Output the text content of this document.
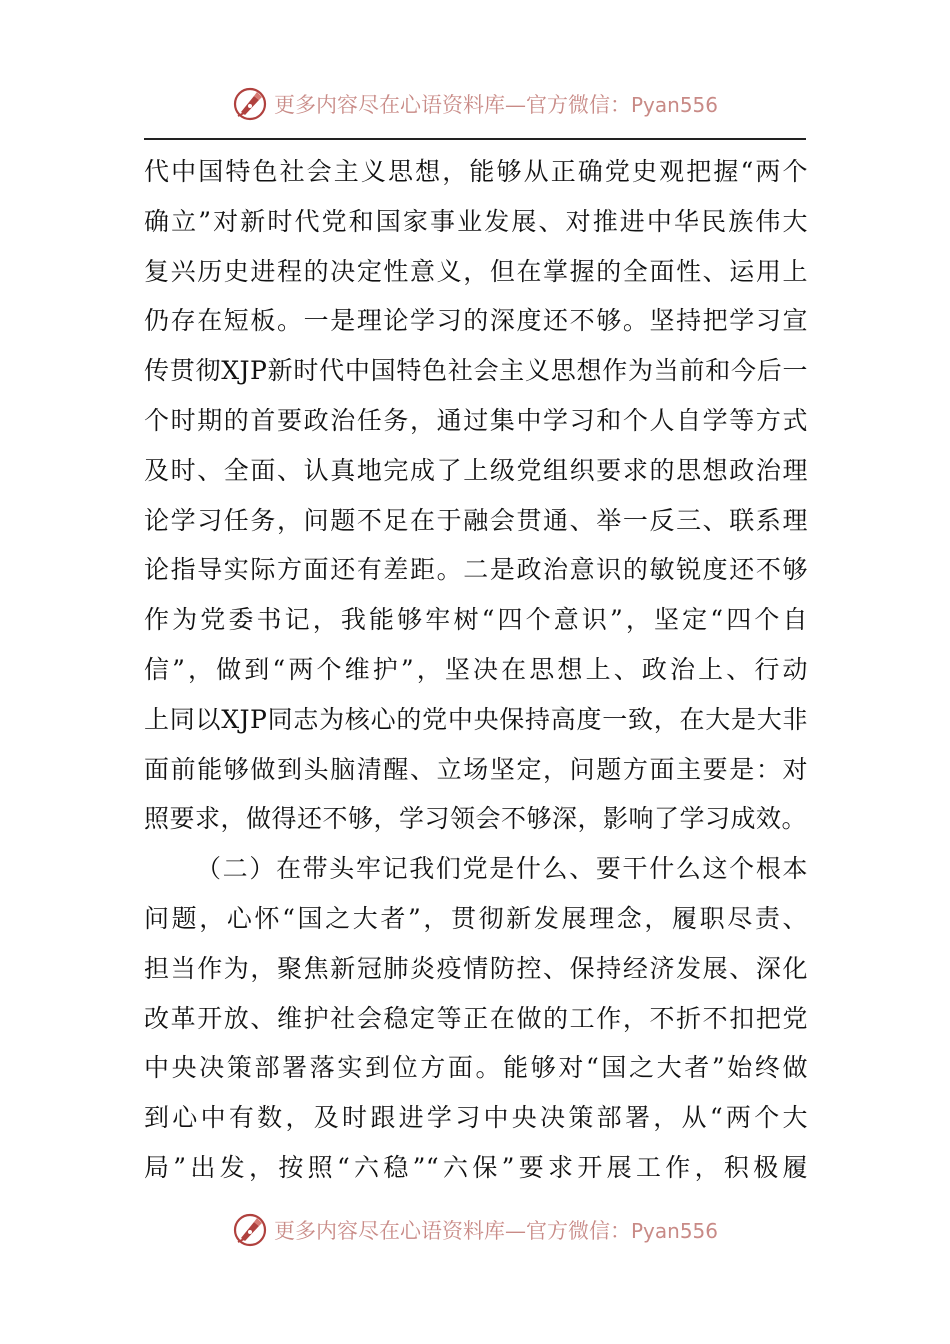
更多内容尽在心语资料库—官方微信：Pyan556
代中国特色社会主义思想，能够从正确党史观把握“两个
确立”对新时代党和国家事业发展、对推进中华民族伟大
复兴历史进程的决定性意义，但在掌握的全面性、运用上
仍存在短板。一是理论学习的深度还不够。坚持把学习宣
传贯彻XJP新时代中国特色社会主义思想作为当前和今后一
个时期的首要政治任务，通过集中学习和个人自学等方式
及时、全面、认真地完成了上级党组织要求的思想政治理
论学习任务，问题不足在于融会贯通、举一反三、联系理
论指导实际方面还有差距。二是政治意识的敏锐度还不够
作为党委书记，我能够牢树“四个意识”，坚定“四个自
信”，做到“两个维护”，坚决在思想上、政治上、行动
上同以XJP同志为核心的党中央保持高度一致，在大是大非
面前能够做到头脑清醒、立场坚定，问题方面主要是：对
照要求，做得还不够，学习领会不够深，影响了学习成效。
（二）在带头牢记我们党是什么、要干什么这个根本
问题，心怀“国之大者”，贯彻新发展理念，履职尽责、
担当作为，聚焦新冠肺炎疫情防控、保持经济发展、深化
改革开放、维护社会稳定等正在做的工作，不折不扣把党
中央决策部署落实到位方面。能够对“国之大者”始终做
到心中有数，及时跟进学习中央决策部署，从“两个大
局”出发，按照“六稳”“六保”要求开展工作，积极履
更多内容尽在心语资料库—官方微信：Pyan556
